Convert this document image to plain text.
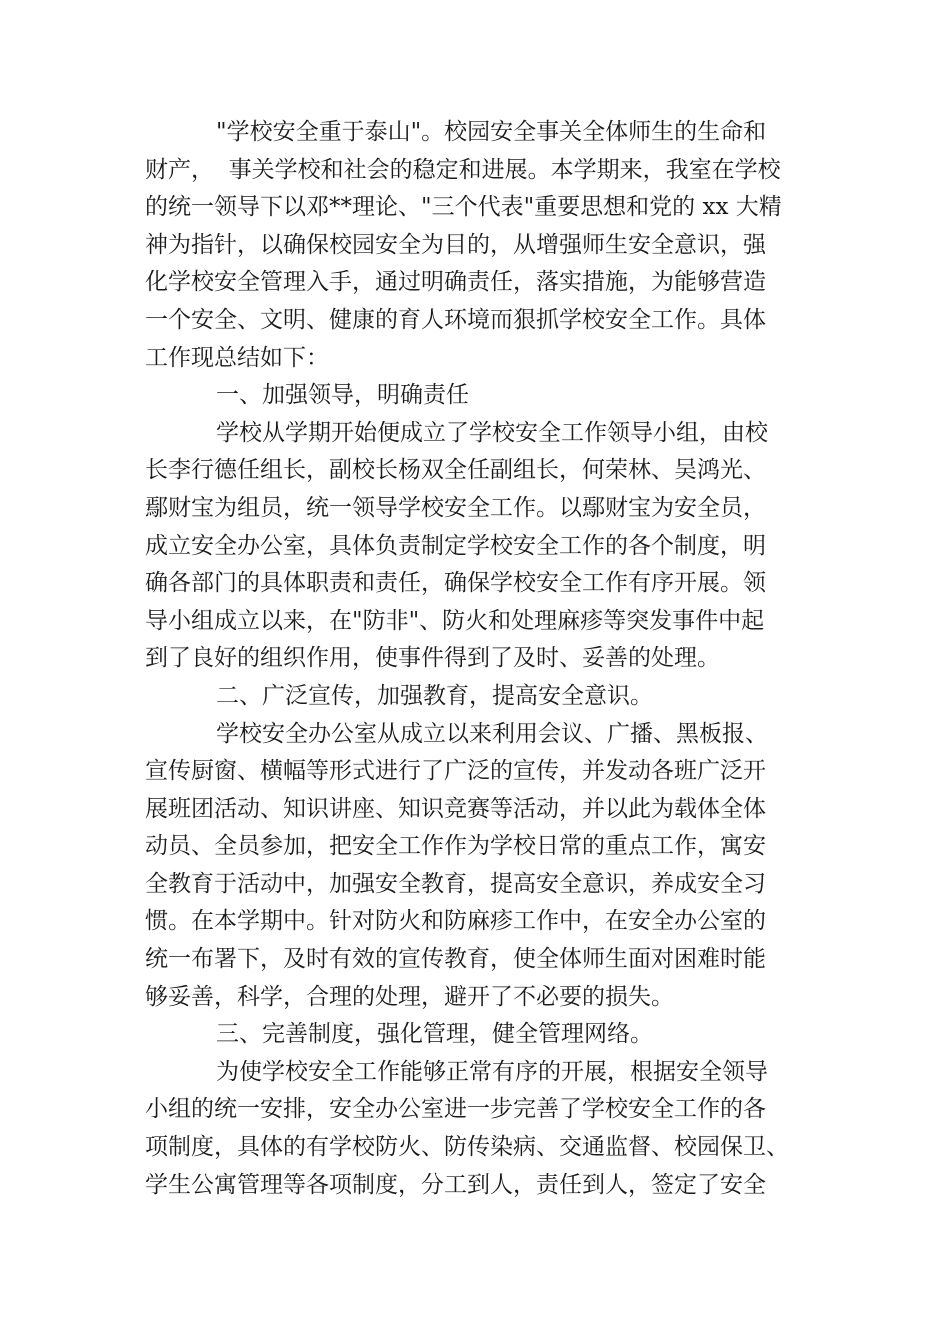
"学校安全重于泰山"。校园安全事关全体师生的生命和
财产，  事关学校和社会的稳定和进展。本学期来，我室在学校
的统一领导下以邓**理论、"三个代表"重要思想和党的 xx 大精
神为指针，以确保校园安全为目的，从增强师生安全意识，强
化学校安全管理入手，通过明确责任，落实措施，为能够营造
一个安全、文明、健康的育人环境而狠抓学校安全工作。具体
工作现总结如下：
一、加强领导，明确责任
学校从学期开始便成立了学校安全工作领导小组，由校
长李行德任组长，副校长杨双全任副组长，何荣林、吴鸿光、
鄢财宝为组员，统一领导学校安全工作。以鄢财宝为安全员，
成立安全办公室，具体负责制定学校安全工作的各个制度，明
确各部门的具体职责和责任，确保学校安全工作有序开展。领
导小组成立以来，在"防非"、防火和处理麻疹等突发事件中起
到了良好的组织作用，使事件得到了及时、妥善的处理。
二、广泛宣传，加强教育，提高安全意识。
学校安全办公室从成立以来利用会议、广播、黑板报、
宣传厨窗、横幅等形式进行了广泛的宣传，并发动各班广泛开
展班团活动、知识讲座、知识竞赛等活动，并以此为载体全体
动员、全员参加，把安全工作作为学校日常的重点工作，寓安
全教育于活动中，加强安全教育，提高安全意识，养成安全习
惯。在本学期中。针对防火和防麻疹工作中，在安全办公室的
统一布署下，及时有效的宣传教育，使全体师生面对困难时能
够妥善，科学，合理的处理，避开了不必要的损失。
三、完善制度，强化管理，健全管理网络。
为使学校安全工作能够正常有序的开展，根据安全领导
小组的统一安排，安全办公室进一步完善了学校安全工作的各
项制度，具体的有学校防火、防传染病、交通监督、校园保卫、
学生公寓管理等各项制度，分工到人，责任到人，签定了安全
